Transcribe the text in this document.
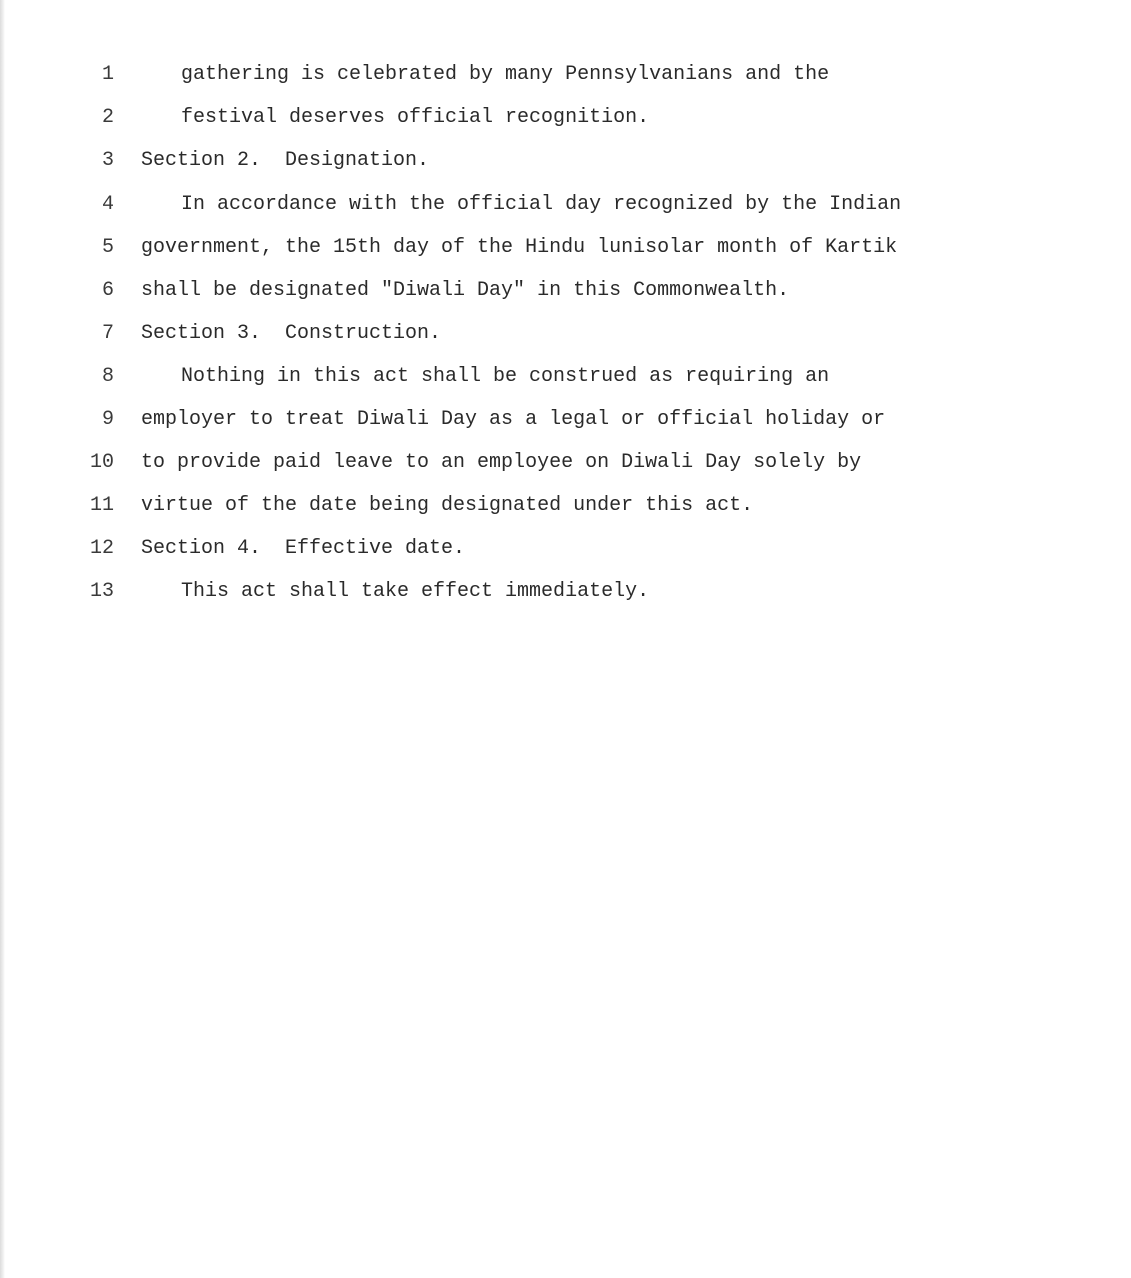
1

	gathering is celebrated by many Pennsylvanians and the

2

	festival deserves official recognition.

3

Section 2.  Designation.

4

	In accordance with the official day recognized by the Indian

5

government, the 15th day of the Hindu lunisolar month of Kartik

6

shall be designated "Diwali Day" in this Commonwealth.

7

Section 3.  Construction.

8

	Nothing in this act shall be construed as requiring an

9

employer to treat Diwali Day as a legal or official holiday or

10

to provide paid leave to an employee on Diwali Day solely by

11

virtue of the date being designated under this act.

12

Section 4.  Effective date.

13

	This act shall take effect immediately.
